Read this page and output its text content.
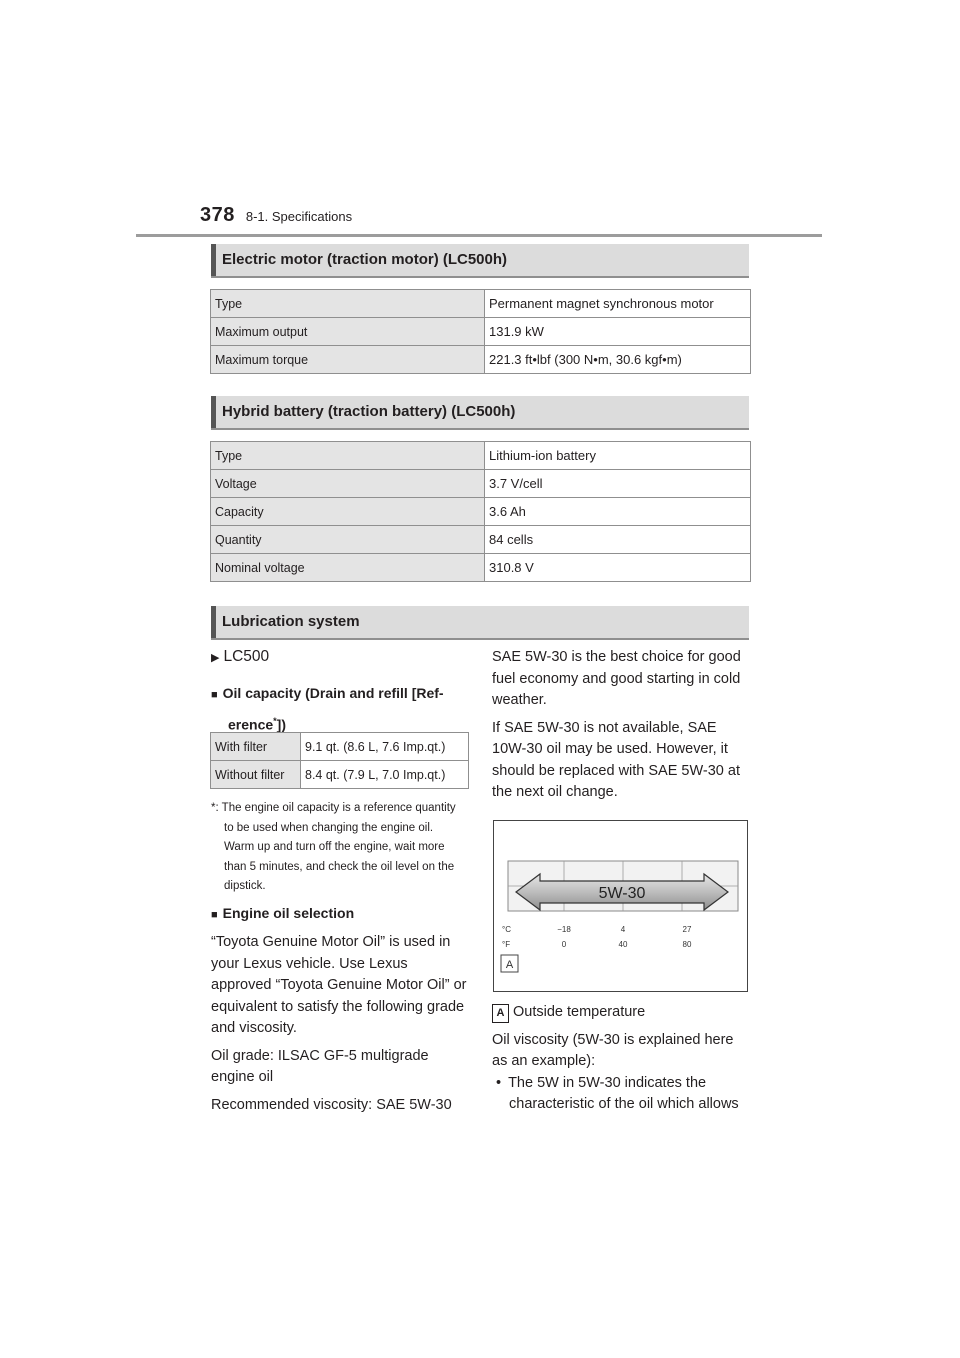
378 8-1. Specifications
Electric motor (traction motor) (LC500h)
Type	Permanent magnet synchronous motor
Maximum output	131.9 kW
Maximum torque	221.3 ft•lbf (300 N•m, 30.6 kgf•m)
Hybrid battery (traction battery) (LC500h)
Type	Lithium-ion battery
Voltage	3.7 V/cell
Capacity	3.6 Ah
Quantity	84 cells
Nominal voltage	310.8 V
Lubrication system

▶ LC500

■ Oil capacity (Drain and refill [Ref-erence*])

With filter	9.1 qt. (8.6 L, 7.6 Imp.qt.)
Without filter	8.4 qt. (7.9 L, 7.0 Imp.qt.)

*: The engine oil capacity is a reference quantity to be used when changing the engine oil. Warm up and turn off the engine, wait more than 5 minutes, and check the oil level on the dipstick.

■ Engine oil selection

“Toyota Genuine Motor Oil” is used in your Lexus vehicle. Use Lexus approved “Toyota Genuine Motor Oil” or equivalent to satisfy the following grade and viscosity.

Oil grade: ILSAC GF-5 multigrade engine oil

Recommended viscosity: SAE 5W-30

SAE 5W-30 is the best choice for good fuel economy and good starting in cold weather.

If SAE 5W-30 is not available, SAE 10W-30 oil may be used. However, it should be replaced with SAE 5W-30 at the next oil change.

5W-30
°C	−18	4	27
°F	0	40	80
A

A Outside temperature

Oil viscosity (5W-30 is explained here as an example):

• The 5W in 5W-30 indicates the characteristic of the oil which allows
